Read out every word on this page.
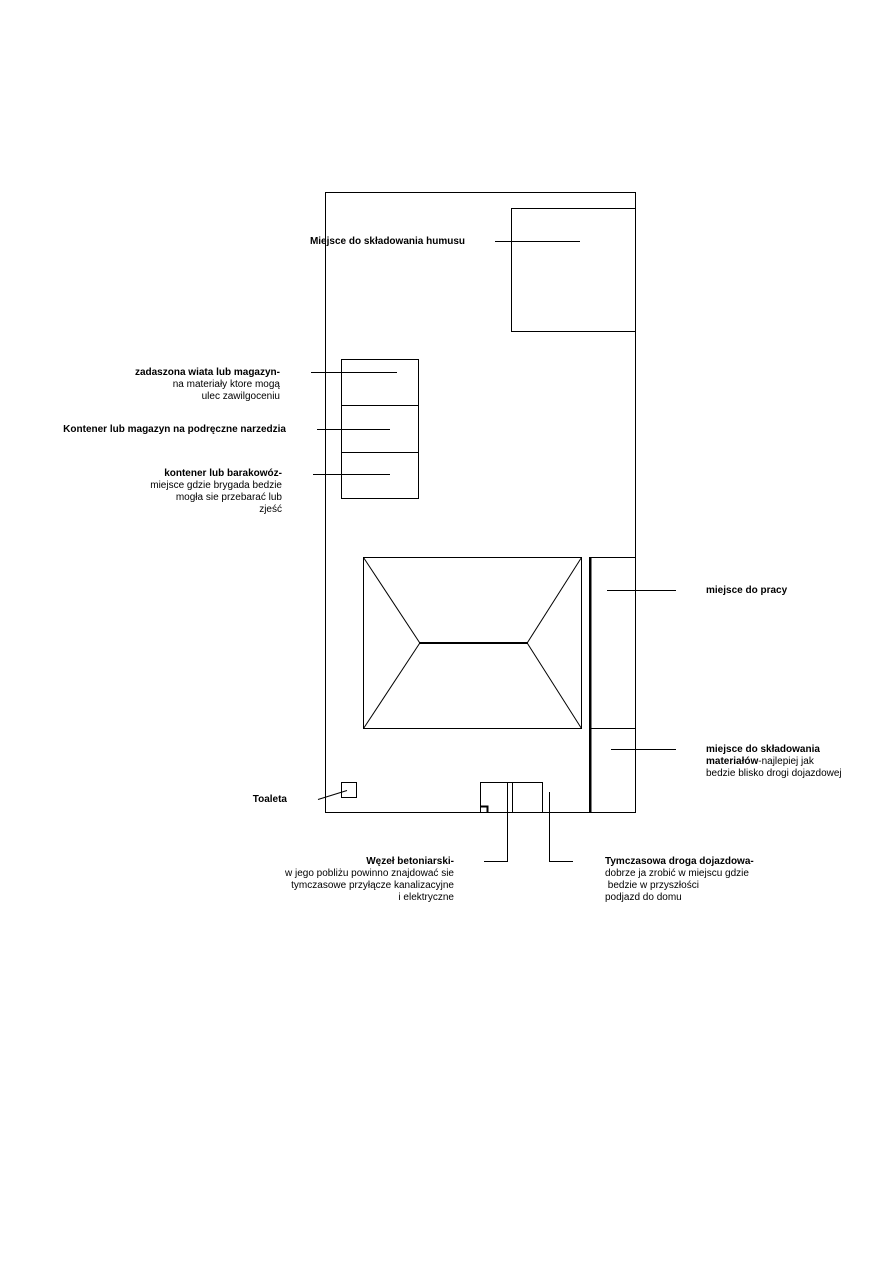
Miejsce do składowania humusu
zadaszona wiata lub magazyn-
na materiały ktore mogą
ulec zawilgoceniu
Kontener lub magazyn na podręczne narzedzia
kontener lub barakowóz-
miejsce gdzie brygada bedzie
mogła sie przebarać lub
zjeść
miejsce do pracy
miejsce do składowania
materiałów-najlepiej jak
bedzie blisko drogi dojazdowej
Toaleta
Węzeł betoniarski-
w jego pobliżu powinno znajdować sie
tymczasowe przyłącze kanalizacyjne
i elektryczne
Tymczasowa droga dojazdowa-
dobrze ja zrobić w miejscu gdzie
bedzie w przyszłości
podjazd do domu
